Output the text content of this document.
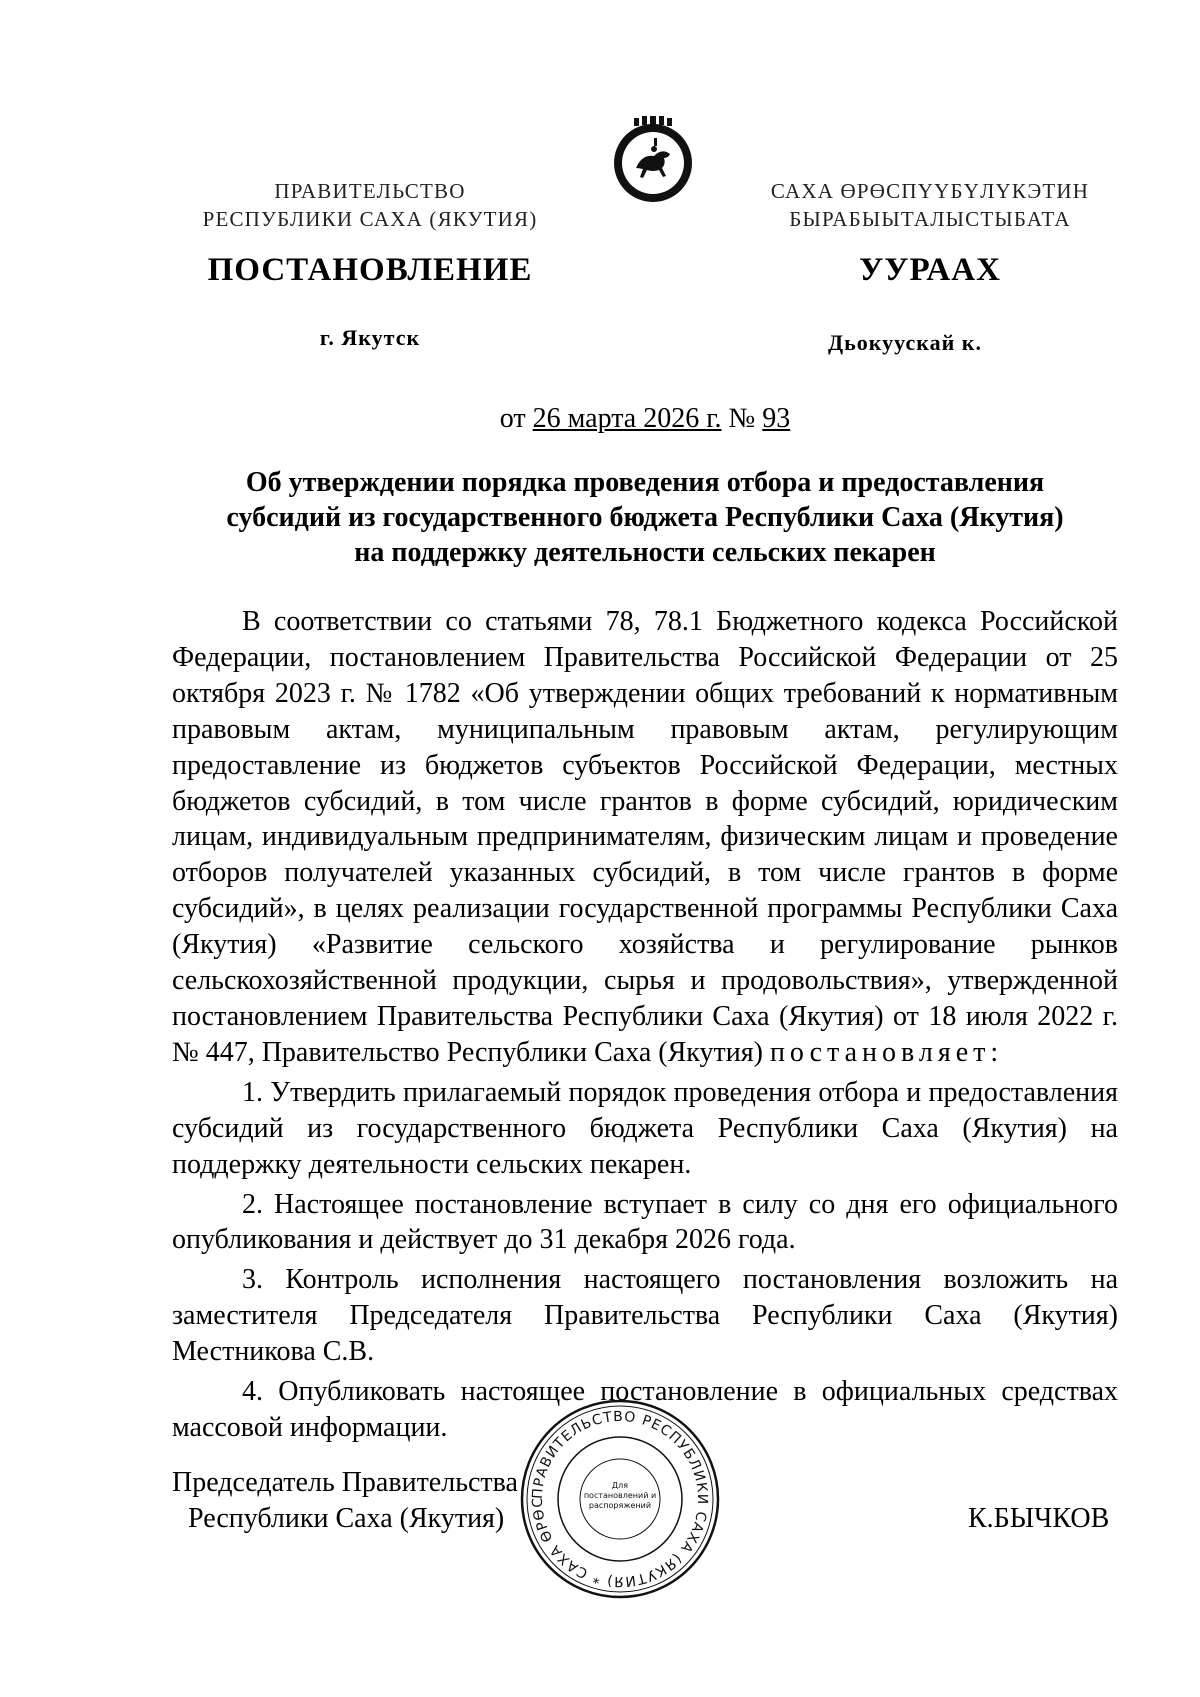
ПРАВИТЕЛЬСТВО
РЕСПУБЛИКИ САХА (ЯКУТИЯ)
САХА ӨРӨСПҮҮБҮЛҮКЭТИН
БЫРАБЫЫТАЛЫСТЫБАТА
ПОСТАНОВЛЕНИЕ	УУРААХ
г. Якутск	Дьокуускай к.
от 26 марта 2026 г. № 93
Об утверждении порядка проведения отбора и предоставления
субсидий из государственного бюджета Республики Саха (Якутия)
на поддержку деятельности сельских пекарен

В соответствии со статьями 78, 78.1 Бюджетного кодекса Российской Федерации, постановлением Правительства Российской Федерации от 25 октября 2023 г. № 1782 «Об утверждении общих требований к нормативным правовым актам, муниципальным правовым актам, регулирующим предоставление из бюджетов субъектов Российской Федерации, местных бюджетов субсидий, в том числе грантов в форме субсидий, юридическим лицам, индивидуальным предпринимателям, физическим лицам и проведение отборов получателей указанных субсидий, в том числе грантов в форме субсидий», в целях реализации государственной программы Республики Саха (Якутия) «Развитие сельского хозяйства и регулирование рынков сельскохозяйственной продукции, сырья и продовольствия», утвержденной постановлением Правительства Республики Саха (Якутия) от 18 июля 2022 г. № 447, Правительство Республики Саха (Якутия) постановляет:

1. Утвердить прилагаемый порядок проведения отбора и предоставления субсидий из государственного бюджета Республики Саха (Якутия) на поддержку деятельности сельских пекарен.

2. Настоящее постановление вступает в силу со дня его официального опубликования и действует до 31 декабря 2026 года.

3. Контроль исполнения настоящего постановления возложить на заместителя Председателя Правительства Республики Саха (Якутия) Местникова С.В.

4. Опубликовать настоящее постановление в официальных средствах массовой информации.

Председатель Правительства
Республики Саха (Якутия)	К.БЫЧКОВ
ПРАВИТЕЛЬСТВО РЕСПУБЛИКИ САХА (ЯКУТИЯ) * САХА ӨРӨС
Для постановлений и распоряжений
